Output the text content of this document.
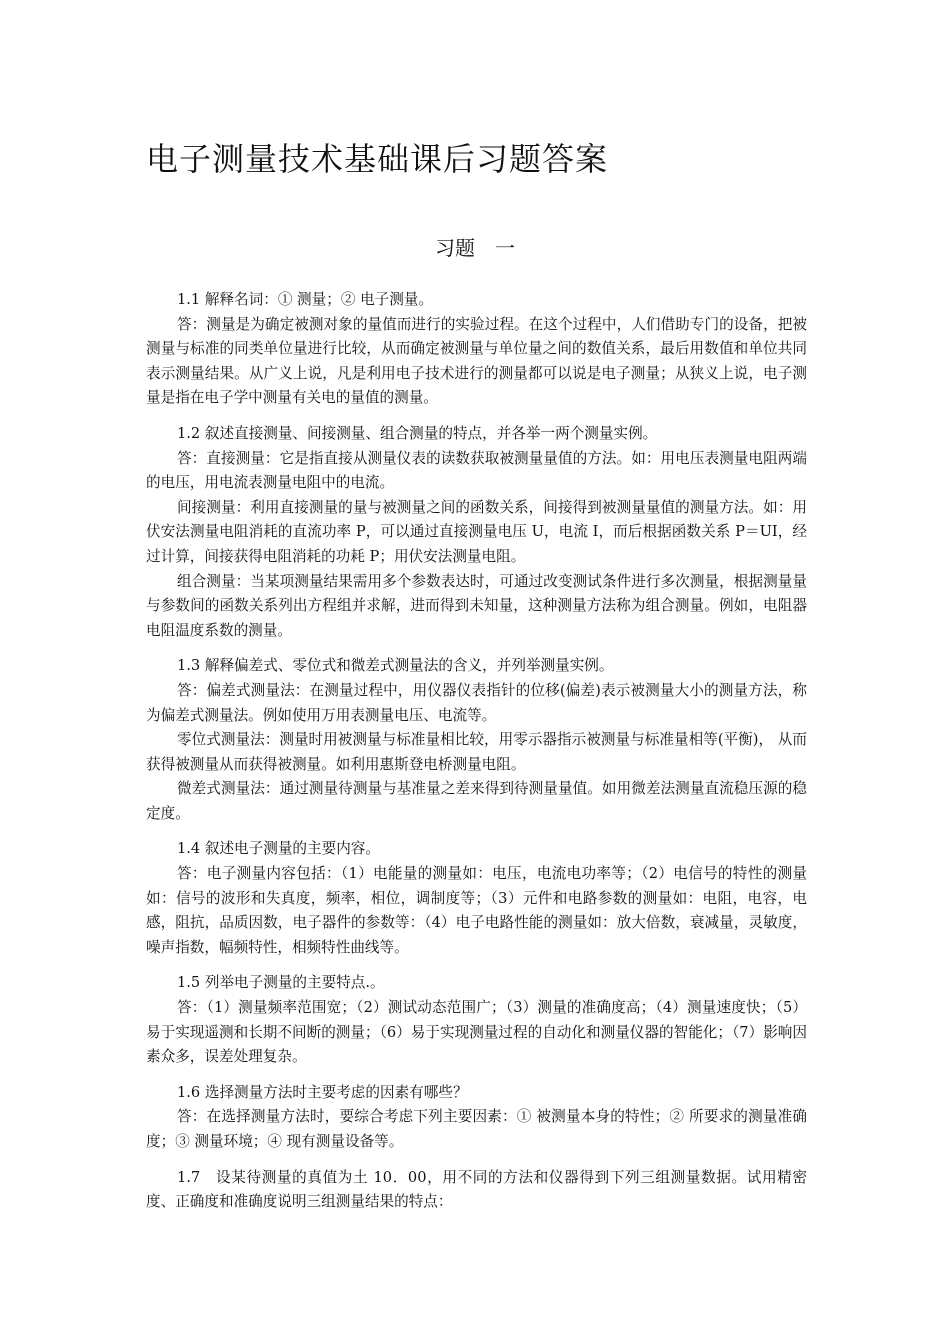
电子测量技术基础课后习题答案
习题　一

1.1 解释名词：① 测量；② 电子测量。

答：测量是为确定被测对象的量值而进行的实验过程。在这个过程中，人们借助专门的设备，把被测量与标准的同类单位量进行比较，从而确定被测量与单位量之间的数值关系，最后用数值和单位共同表示测量结果。从广义上说，凡是利用电子技术进行的测量都可以说是电子测量；从狭义上说，电子测量是指在电子学中测量有关电的量值的测量。

1.2 叙述直接测量、间接测量、组合测量的特点，并各举一两个测量实例。

答：直接测量：它是指直接从测量仪表的读数获取被测量量值的方法。如：用电压表测量电阻两端的电压，用电流表测量电阻中的电流。

间接测量：利用直接测量的量与被测量之间的函数关系，间接得到被测量量值的测量方法。如：用伏安法测量电阻消耗的直流功率 P，可以通过直接测量电压 U，电流 I，而后根据函数关系 P＝UI，经过计算，间接获得电阻消耗的功耗 P；用伏安法测量电阻。

组合测量：当某项测量结果需用多个参数表达时，可通过改变测试条件进行多次测量，根据测量量与参数间的函数关系列出方程组并求解，进而得到未知量，这种测量方法称为组合测量。例如，电阻器电阻温度系数的测量。

1.3 解释偏差式、零位式和微差式测量法的含义，并列举测量实例。

答：偏差式测量法：在测量过程中，用仪器仪表指针的位移(偏差)表示被测量大小的测量方法，称为偏差式测量法。例如使用万用表测量电压、电流等。

零位式测量法：测量时用被测量与标准量相比较，用零示器指示被测量与标准量相等(平衡)， 从而获得被测量从而获得被测量。如利用惠斯登电桥测量电阻。

微差式测量法：通过测量待测量与基准量之差来得到待测量量值。如用微差法测量直流稳压源的稳定度。

1.4 叙述电子测量的主要内容。

答：电子测量内容包括：（1）电能量的测量如：电压，电流电功率等；（2）电信号的特性的测量如：信号的波形和失真度，频率，相位，调制度等；（3）元件和电路参数的测量如：电阻，电容，电感，阻抗，品质因数，电子器件的参数等：（4）电子电路性能的测量如：放大倍数，衰减量，灵敏度，噪声指数，幅频特性，相频特性曲线等。

1.5 列举电子测量的主要特点.。

答：（1）测量频率范围宽；（2）测试动态范围广；（3）测量的准确度高；（4）测量速度快；（5）易于实现遥测和长期不间断的测量；（6）易于实现测量过程的自动化和测量仪器的智能化；（7）影响因素众多，误差处理复杂。

1.6 选择测量方法时主要考虑的因素有哪些？

答：在选择测量方法时，要综合考虑下列主要因素：① 被测量本身的特性；② 所要求的测量准确度；③ 测量环境；④ 现有测量设备等。

1.7　设某待测量的真值为土 10．00，用不同的方法和仪器得到下列三组测量数据。试用精密度、正确度和准确度说明三组测量结果的特点：
